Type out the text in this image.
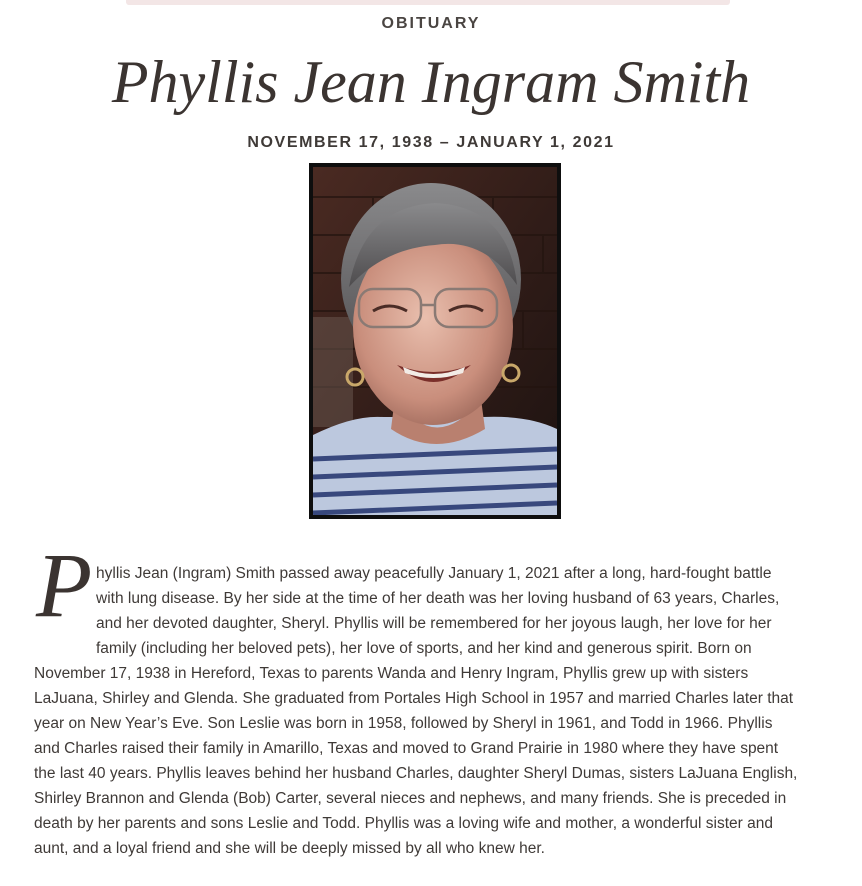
OBITUARY
Phyllis Jean Ingram Smith
NOVEMBER 17, 1938 – JANUARY 1, 2021
P hyllis Jean (Ingram) Smith passed away peacefully January 1, 2021 after a long, hard-fought battle
with lung disease. By her side at the time of her death was her loving husband of 63 years, Charles,
and her devoted daughter, Sheryl. Phyllis will be remembered for her joyous laugh, her love for her
family (including her beloved pets), her love of sports, and her kind and generous spirit. Born on
November 17, 1938 in Hereford, Texas to parents Wanda and Henry Ingram, Phyllis grew up with sisters
LaJuana, Shirley and Glenda. She graduated from Portales High School in 1957 and married Charles later that
year on New Year’s Eve. Son Leslie was born in 1958, followed by Sheryl in 1961, and Todd in 1966. Phyllis
and Charles raised their family in Amarillo, Texas and moved to Grand Prairie in 1980 where they have spent
the last 40 years. Phyllis leaves behind her husband Charles, daughter Sheryl Dumas, sisters LaJuana English,
Shirley Brannon and Glenda (Bob) Carter, several nieces and nephews, and many friends. She is preceded in
death by her parents and sons Leslie and Todd. Phyllis was a loving wife and mother, a wonderful sister and
aunt, and a loyal friend and she will be deeply missed by all who knew her.
